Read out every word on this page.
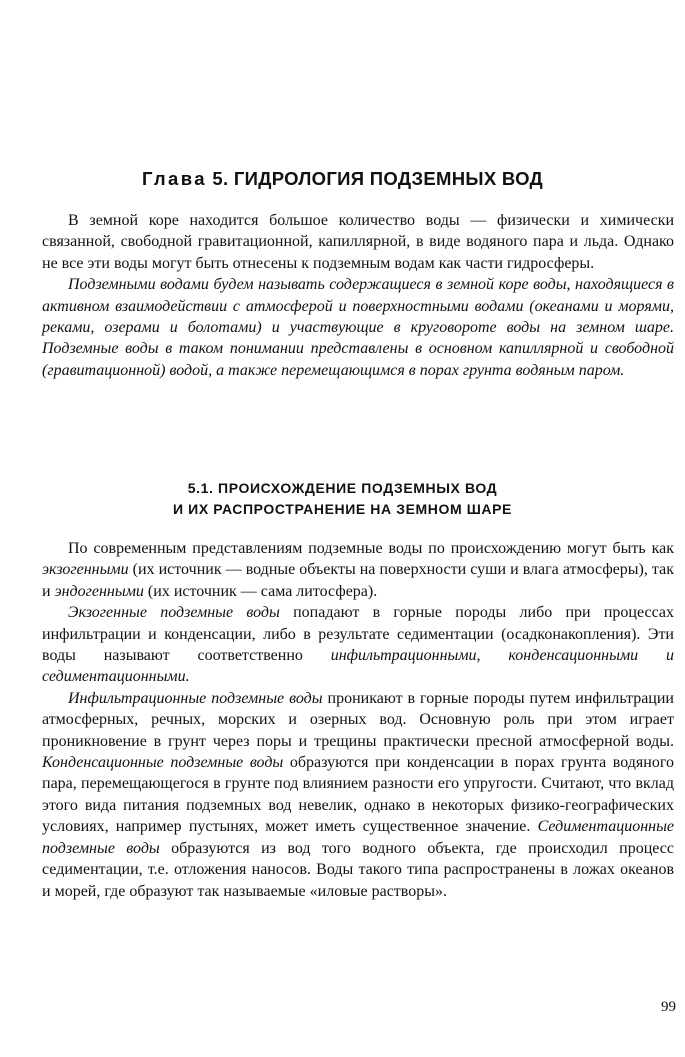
Глава 5. ГИДРОЛОГИЯ ПОДЗЕМНЫХ ВОД

В земной коре находится большое количество воды — физически и химически связанной, свободной гравитационной, капиллярной, в виде водяного пара и льда. Однако не все эти воды могут быть отнесены к подземным водам как части гидросферы.

Подземными водами будем называть содержащиеся в земной коре воды, находящиеся в активном взаимодействии с атмосферой и поверхностными водами (океанами и морями, реками, озерами и болотами) и участвующие в круговороте воды на земном шаре. Подземные воды в таком понимании представлены в основном капиллярной и свободной (гравитационной) водой, а также перемещающимся в порах грунта водяным паром.

5.1. ПРОИСХОЖДЕНИЕ ПОДЗЕМНЫХ ВОД
И ИХ РАСПРОСТРАНЕНИЕ НА ЗЕМНОМ ШАРЕ

По современным представлениям подземные воды по происхождению могут быть как экзогенными (их источник — водные объекты на поверхности суши и влага атмосферы), так и эндогенными (их источник — сама литосфера).

Экзогенные подземные воды попадают в горные породы либо при процессах инфильтрации и конденсации, либо в результате седиментации (осадконакопления). Эти воды называют соответственно инфильтрационными, конденсационными и седиментационными.

Инфильтрационные подземные воды проникают в горные породы путем инфильтрации атмосферных, речных, морских и озерных вод. Основную роль при этом играет проникновение в грунт через поры и трещины практически пресной атмосферной воды. Конденсационные подземные воды образуются при конденсации в порах грунта водяного пара, перемещающегося в грунте под влиянием разности его упругости. Считают, что вклад этого вида питания подземных вод невелик, однако в некоторых физико-географических условиях, например пустынях, может иметь существенное значение. Седиментационные подземные воды образуются из вод того водного объекта, где происходил процесс седиментации, т.е. отложения наносов. Воды такого типа распространены в ложах океанов и морей, где образуют так называемые «иловые растворы».

99
